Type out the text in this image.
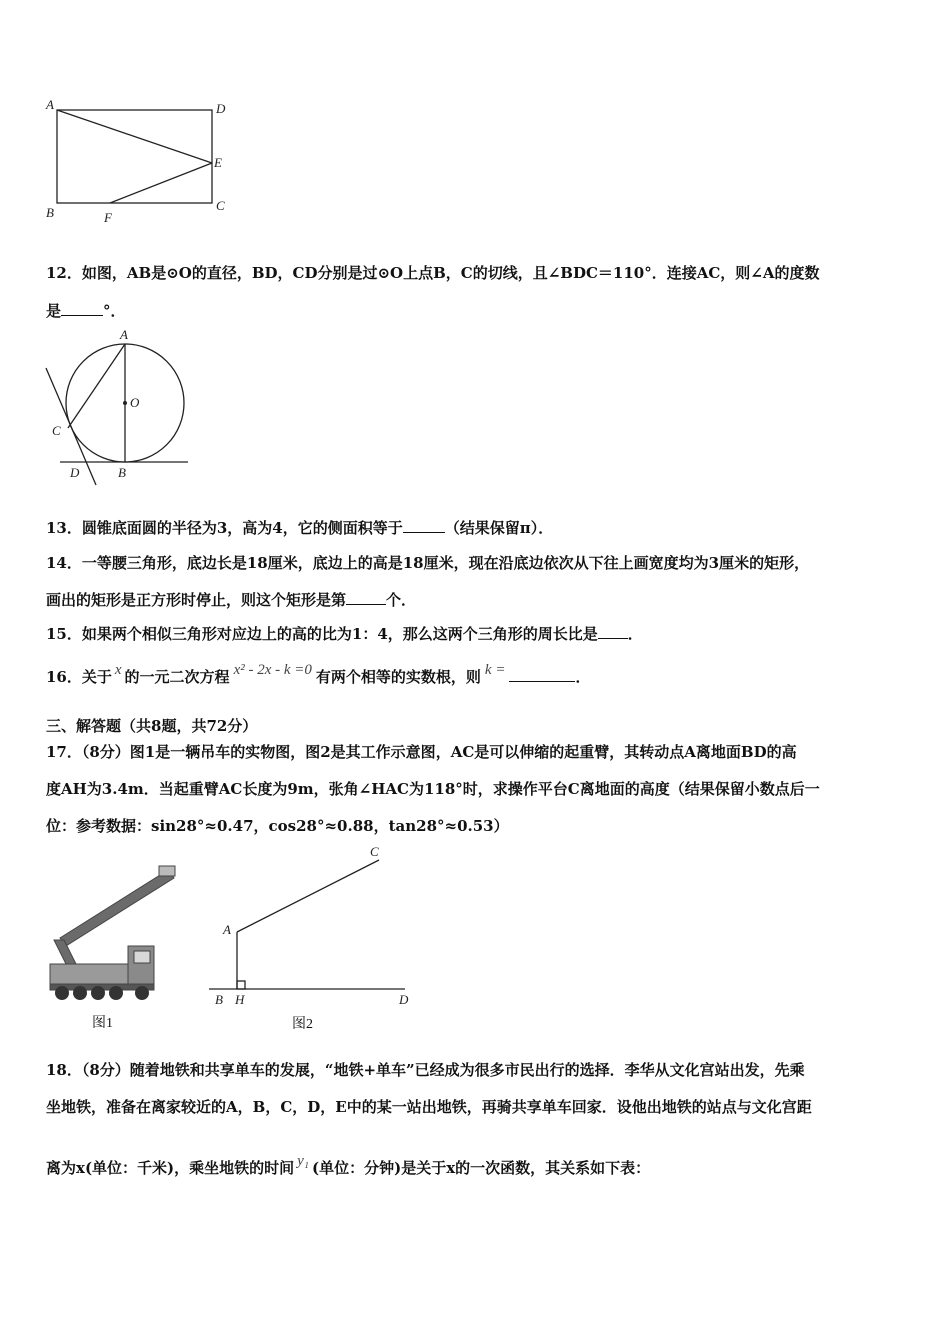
A	D
E
B	F
C
12．如图，AB是⊙O的直径，BD，CD分别是过⊙O上点B，C的切线，且∠BDC＝110°．连接AC，则∠A的度数
是	°．
A
O
C
D	B
13．圆锥底面圆的半径为3，高为4，它的侧面积等于	（结果保留π）．
14．一等腰三角形，底边长是18厘米，底边上的高是18厘米，现在沿底边依次从下往上画宽度均为3厘米的矩形，
画出的矩形是正方形时停止，则这个矩形是第	个．
15．如果两个相似三角形对应边上的高的比为1：4，那么这两个三角形的周长比是 ．
16．关于 x 的一元二次方程 x² - 2x - k =0 有两个相等的实数根，则 k =	．
三、解答题（共8题，共72分）
17．（8分）图1是一辆吊车的实物图，图2是其工作示意图，AC是可以伸缩的起重臂，其转动点A离地面BD的高
度AH为3.4m．当起重臂AC长度为9m，张角∠HAC为118°时，求操作平台C离地面的高度（结果保留小数点后一
位：参考数据：sin28°≈0.47，cos28°≈0.88，tan28°≈0.53）
图1
C
A
B H	D
图2
18．（8分）随着地铁和共享单车的发展，“地铁+单车”已经成为很多市民出行的选择．李华从文化宫站出发，先乘
坐地铁，准备在离家较近的A，B，C，D，E中的某一站出地铁，再骑共享单车回家．设他出地铁的站点与文化宫距
离为x(单位：千米)，乘坐地铁的时间 y₁ (单位：分钟)是关于x的一次函数，其关系如下表：
